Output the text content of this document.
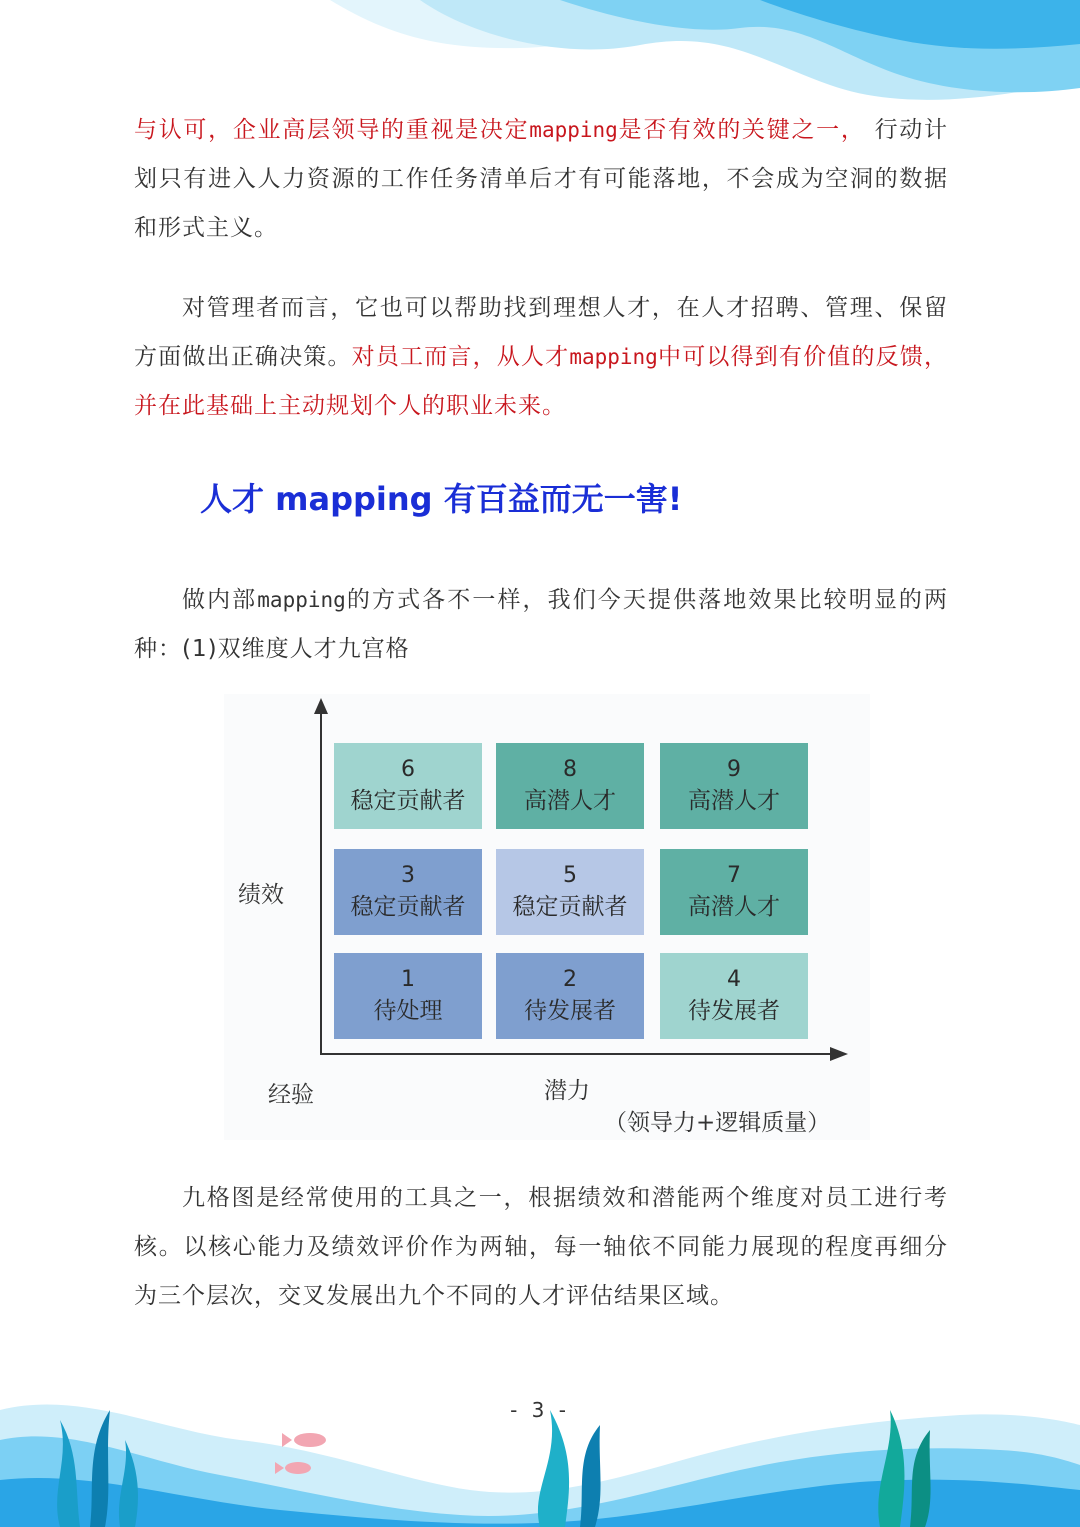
与认可，企业高层领导的重视是决定mapping是否有效的关键之一， 行动计划只有进入人力资源的工作任务清单后才有可能落地，不会成为空洞的数据和形式主义。

对管理者而言，它也可以帮助找到理想人才，在人才招聘、管理、保留方面做出正确决策。对员工而言，从人才mapping中可以得到有价值的反馈，并在此基础上主动规划个人的职业未来。

人才 mapping 有百益而无一害!

做内部mapping的方式各不一样，我们今天提供落地效果比较明显的两种：(1)双维度人才九宫格

6
稳定贡献者
8
高潜人才
9
高潜人才
3
稳定贡献者
5
稳定贡献者
7
高潜人才
1
待处理
2
待发展者
4
待发展者
绩效
经验	潜力
（领导力+逻辑质量）

九格图是经常使用的工具之一，根据绩效和潜能两个维度对员工进行考核。以核心能力及绩效评价作为两轴，每一轴依不同能力展现的程度再细分为三个层次，交叉发展出九个不同的人才评估结果区域。

- 3 -
